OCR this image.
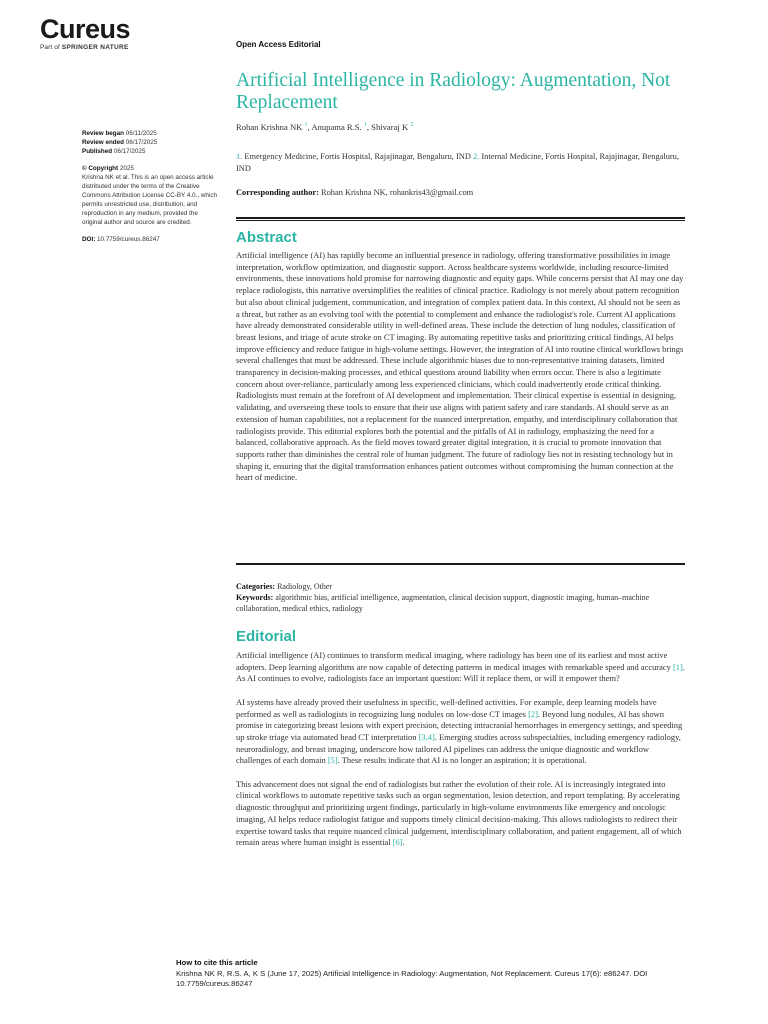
Cureus
Part of SPRINGER NATURE	Open Access Editorial
Artificial Intelligence in Radiology: Augmentation, Not Replacement
Rohan Krishna NK $^1$, Anupama R.S. $^1$, Shivaraj K $^2$
1. Emergency Medicine, Fortis Hospital, Rajajinagar, Bengaluru, IND 2. Internal Medicine, Fortis Hospital, Rajajinagar, Bengaluru, IND
Corresponding author: Rohan Krishna NK, rohankris43@gmail.com
Review began 06/11/2025
Review ended 06/17/2025
Published 06/17/2025
© Copyright 2025
Krishna NK et al. This is an open access article distributed under the terms of the Creative Commons Attribution License CC-BY 4.0., which permits unrestricted use, distribution, and reproduction in any medium, provided the original author and source are credited.
DOI: 10.7759/cureus.86247	Abstract

Artificial intelligence (AI) has rapidly become an influential presence in radiology, offering transformative possibilities in image interpretation, workflow optimization, and diagnostic support. Across healthcare systems worldwide, including resource-limited environments, these innovations hold promise for narrowing diagnostic and equity gaps. While concerns persist that AI may one day replace radiologists, this narrative oversimplifies the realities of clinical practice. Radiology is not merely about pattern recognition but also about clinical judgement, communication, and integration of complex patient data. In this context, AI should not be seen as a threat, but rather as an evolving tool with the potential to complement and enhance the radiologist's role. Current AI applications have already demonstrated considerable utility in well-defined areas. These include the detection of lung nodules, classification of breast lesions, and triage of acute stroke on CT imaging. By automating repetitive tasks and prioritizing critical findings, AI helps improve efficiency and reduce fatigue in high-volume settings. However, the integration of AI into routine clinical workflows brings several challenges that must be addressed. These include algorithmic biases due to non-representative training datasets, limited transparency in decision-making processes, and ethical questions around liability when errors occur. There is also a legitimate concern about over-reliance, particularly among less experienced clinicians, which could inadvertently erode critical thinking. Radiologists must remain at the forefront of AI development and implementation. Their clinical expertise is essential in designing, validating, and overseeing these tools to ensure that their use aligns with patient safety and care standards. AI should serve as an extension of human capabilities, not a replacement for the nuanced interpretation, empathy, and interdisciplinary collaboration that radiologists provide. This editorial explores both the potential and the pitfalls of AI in radiology, emphasizing the need for a balanced, collaborative approach. As the field moves toward greater digital integration, it is crucial to promote innovation that supports rather than diminishes the central role of human judgment. The future of radiology lies not in resisting technology but in shaping it, ensuring that the digital transformation enhances patient outcomes without compromising the human connection at the heart of medicine.

Categories: Radiology, Other
Keywords: algorithmic bias, artificial intelligence, augmentation, clinical decision support, diagnostic imaging, human–machine collaboration, medical ethics, radiology
Editorial

Artificial intelligence (AI) continues to transform medical imaging, where radiology has been one of its earliest and most active adopters. Deep learning algorithms are now capable of detecting patterns in medical images with remarkable speed and accuracy [1]. As AI continues to evolve, radiologists face an important question: Will it replace them, or will it empower them?

AI systems have already proved their usefulness in specific, well-defined activities. For example, deep learning models have performed as well as radiologists in recognizing lung nodules on low-dose CT images [2]. Beyond lung nodules, AI has shown promise in categorizing breast lesions with expert precision, detecting intracranial hemorrhages in emergency settings, and speeding up stroke triage via automated head CT interpretation [3,4]. Emerging studies across subspecialties, including emergency radiology, neuroradiology, and breast imaging, underscore how tailored AI pipelines can address the unique diagnostic and workflow challenges of each domain [5]. These results indicate that AI is no longer an aspiration; it is operational.

This advancement does not signal the end of radiologists but rather the evolution of their role. AI is increasingly integrated into clinical workflows to automate repetitive tasks such as organ segmentation, lesion detection, and report templating. By accelerating diagnostic throughput and prioritizing urgent findings, particularly in high-volume environments like emergency and oncologic imaging, AI helps reduce radiologist fatigue and supports timely clinical decision-making. This allows radiologists to redirect their expertise toward tasks that require nuanced clinical judgement, interdisciplinary collaboration, and patient engagement, all of which remain areas where human insight is essential [6].

How to cite this article
Krishna NK R, R.S. A, K S (June 17, 2025) Artificial Intelligence in Radiology: Augmentation, Not Replacement. Cureus 17(6): e86247. DOI 10.7759/cureus.86247
